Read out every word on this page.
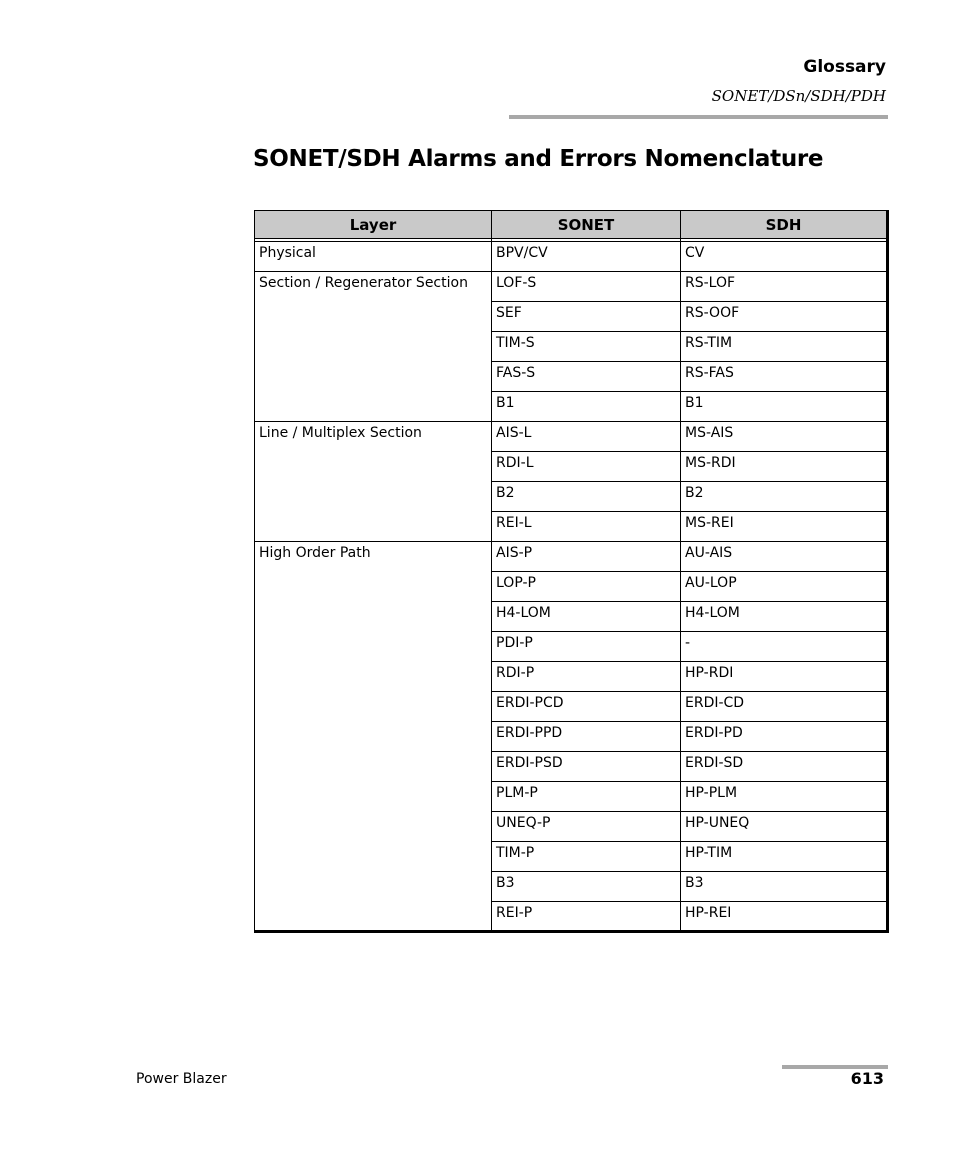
Glossary
SONET/DSn/SDH/PDH
SONET/SDH Alarms and Errors Nomenclature
Layer	SONET	SDH

Physical	BPV/CV	CV
Section / Regenerator Section	LOF-S	RS-LOF
	SEF	RS-OOF
	TIM-S	RS-TIM
	FAS-S	RS-FAS
	B1	B1
Line / Multiplex Section	AIS-L	MS-AIS
	RDI-L	MS-RDI
	B2	B2
	REI-L	MS-REI
High Order Path	AIS-P	AU-AIS
	LOP-P	AU-LOP
	H4-LOM	H4-LOM
	PDI-P	-
	RDI-P	HP-RDI
	ERDI-PCD	ERDI-CD
	ERDI-PPD	ERDI-PD
	ERDI-PSD	ERDI-SD
	PLM-P	HP-PLM
	UNEQ-P	HP-UNEQ
	TIM-P	HP-TIM
	B3	B3
	REI-P	HP-REI
Power Blazer	613
